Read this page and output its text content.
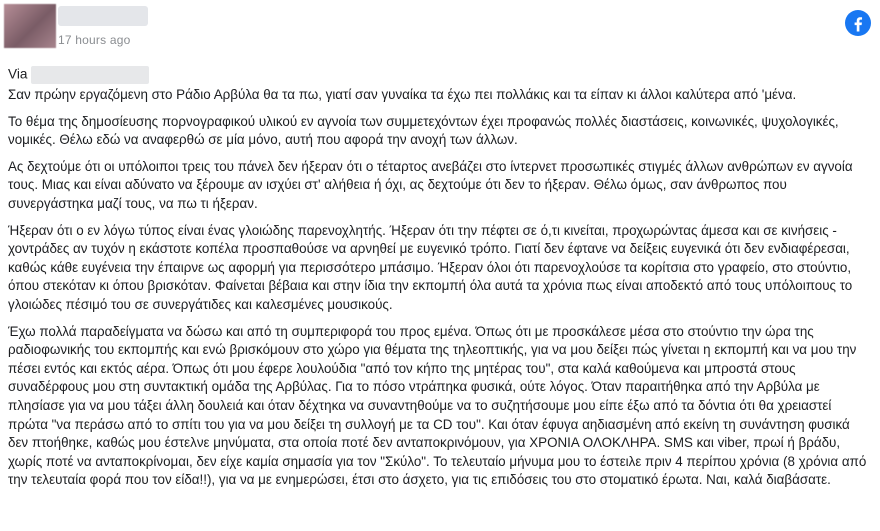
17 hours ago
Via

Σαν πρώην εργαζόμενη στο Ράδιο Αρβύλα θα τα πω, γιατί σαν γυναίκα τα έχω πει πολλάκις και τα είπαν κι άλλοι καλύτερα από 'μένα.

Το θέμα της δημοσίευσης πορνογραφικού υλικού εν αγνοία των συμμετεχόντων έχει προφανώς πολλές διαστάσεις, κοινωνικές, ψυχολογικές, νομικές. Θέλω εδώ να αναφερθώ σε μία μόνο, αυτή που αφορά την ανοχή των άλλων.

Ας δεχτούμε ότι οι υπόλοιποι τρεις του πάνελ δεν ήξεραν ότι ο τέταρτος ανεβάζει στο ίντερνετ προσωπικές στιγμές άλλων ανθρώπων εν αγνοία τους. Μιας και είναι αδύνατο να ξέρουμε αν ισχύει στ' αλήθεια ή όχι, ας δεχτούμε ότι δεν το ήξεραν. Θέλω όμως, σαν άνθρωπος που συνεργάστηκα μαζί τους, να πω τι ήξεραν.

Ήξεραν ότι ο εν λόγω τύπος είναι ένας γλοιώδης παρενοχλητής. Ήξεραν ότι την πέφτει σε ό,τι κινείται, προχωρώντας άμεσα και σε κινήσεις - χοντράδες αν τυχόν η εκάστοτε κοπέλα προσπαθούσε να αρνηθεί με ευγενικό τρόπο. Γιατί δεν έφτανε να δείξεις ευγενικά ότι δεν ενδιαφέρεσαι, καθώς κάθε ευγένεια την έπαιρνε ως αφορμή για περισσότερο μπάσιμο. Ήξεραν όλοι ότι παρενοχλούσε τα κορίτσια στο γραφείο, στο στούντιο, όπου στεκόταν κι όπου βρισκόταν. Φαίνεται βέβαια και στην ίδια την εκπομπή όλα αυτά τα χρόνια πως είναι αποδεκτό από τους υπόλοιπους το γλοιώδες πέσιμό του σε συνεργάτιδες και καλεσμένες μουσικούς.

Έχω πολλά παραδείγματα να δώσω και από τη συμπεριφορά του προς εμένα. Όπως ότι με προσκάλεσε μέσα στο στούντιο την ώρα της ραδιοφωνικής του εκπομπής και ενώ βρισκόμουν στο χώρο για θέματα της τηλεοπτικής, για να μου δείξει πώς γίνεται η εκπομπή και να μου την πέσει εντός και εκτός αέρα. Όπως ότι μου έφερε λουλούδια "από τον κήπο της μητέρας του", στα καλά καθούμενα και μπροστά στους συναδέρφους μου στη συντακτική ομάδα της Αρβύλας. Για το πόσο ντράπηκα φυσικά, ούτε λόγος. Όταν παραιτήθηκα από την Αρβύλα με πλησίασε για να μου τάξει άλλη δουλειά και όταν δέχτηκα να συναντηθούμε να το συζητήσουμε μου είπε έξω από τα δόντια ότι θα χρειαστεί πρώτα "να περάσω από το σπίτι του για να μου δείξει τη συλλογή με τα CD του". Και όταν έφυγα αηδιασμένη από εκείνη τη συνάντηση φυσικά δεν πτοήθηκε, καθώς μου έστελνε μηνύματα, στα οποία ποτέ δεν ανταποκρινόμουν, για ΧΡΟΝΙΑ ΟΛΟΚΛΗΡΑ. SMS και viber, πρωί ή βράδυ, χωρίς ποτέ να ανταποκρίνομαι, δεν είχε καμία σημασία για τον "Σκύλο". Το τελευταίο μήνυμα μου το έστειλε πριν 4 περίπου χρόνια (8 χρόνια από την τελευταία φορά που τον είδα!!), για να με ενημερώσει, έτσι στο άσχετο, για τις επιδόσεις του στο στοματικό έρωτα. Ναι, καλά διαβάσατε.
